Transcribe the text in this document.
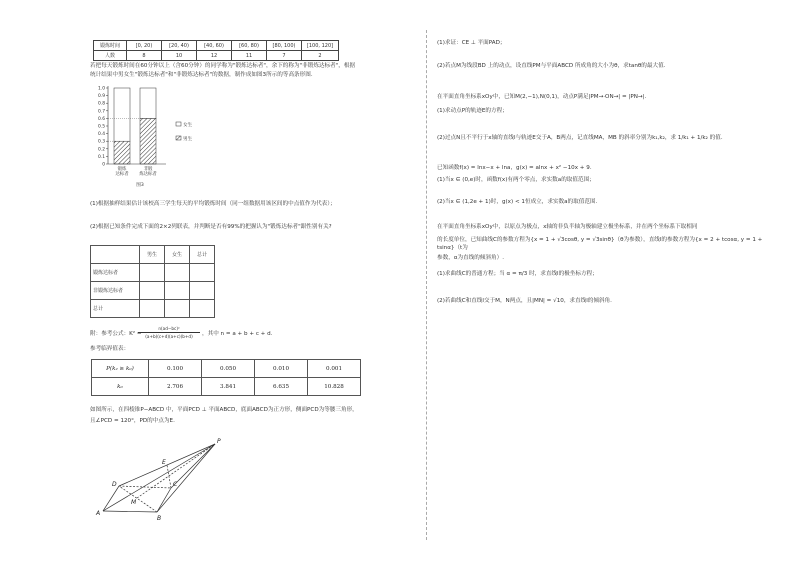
锻炼时间	[0, 20)	[20, 40)	[40, 60)	[60, 80)	[80, 100)	[100, 120]
人数	8	10	12	11	7	2
若把每天锻炼时间在60分钟以上（含60分钟）的同学称为"锻炼达标者"，余下的称为"非锻炼达标者"，根据
统计结果中男女生"锻炼达标者"和"非锻炼达标者"的数据，制作成如图3所示的等高条形图.
1.0
0.9
0.8
0.7
0.6
0.5
0.4
0.3
0.2
0.1
0
锻炼
达标者
非锻
炼达标者
女生
男生
图3
(1)根据抽样结果估计该校高三学生每天的平均锻炼时间（同一组数据用该区间的中点值作为代表）；
(2)根据已知条件完成下面的2×2列联表，并判断是否有99%的把握认为"锻炼达标者"跟性别有关?
	男生	女生	总计
锻炼达标者			
非锻炼达标者			
总计			
附：参考公式：K² =
n(ad−bc)²
(a+b)(c+d)(a+c)(b+d)	，其中 n = a + b + c + d.
参考临界值表：
P(k₂ ≥ k₀)	0.100	0.050	0.010	0.001
k₀	2.706	3.841	6.635	10.828
如图所示，在四棱锥P−ABCD 中，平面PCD ⊥ 平面ABCD，底面ABCD为正方形，侧面PCD为等腰三角形，
且∠PCD = 120°，PD的中点为E.
P
D
E
C
M
A
B
(1)求证：CE ⊥ 平面PAD；
(2)若点M为线段BD 上的动点，设直线PM与平面ABCD 所成角的大小为θ，求tanθ的最大值.
在平面直角坐标系xOy中，已知M(2,−1),N(0,1)，动点P满足|PM→·ON→| = |PN→|.
(1)求动点P的轨迹E的方程；
(2)过点N且不平行于x轴的直线l与轨迹E交于A，B两点，记直线MA，MB 的斜率分别为k₁,k₂，求 1/k₁ + 1/k₂ 的值.
已知函数f(x) = lnx−x + lna，g(x) = alnx + x² −10x + 9.
(1)当x ∈ (0,e)时，函数f(x)有两个零点，求实数a的取值范围；
(2)当x ∈ (1,2e + 1)时，g(x) < 1恒成立，求实数a的取值范围.
在平面直角坐标系xOy中，以原点为极点，x轴的非负半轴为极轴建立极坐标系，并在两个坐标系下取相同
的长度单位，已知曲线C的参数方程为{x = 1 + √3cosθ, y = √3sinθ}（θ为参数），直线l的参数方程为{x = 2 + tcosα, y = 1 + tsinα}（t为
参数，α为直线的倾斜角）.
(1)求曲线C的普通方程；当 α = π/3 时，求直线l的极坐标方程；
(2)若曲线C和直线l交于M，N两点，且|MN| = √10，求直线l的倾斜角.
